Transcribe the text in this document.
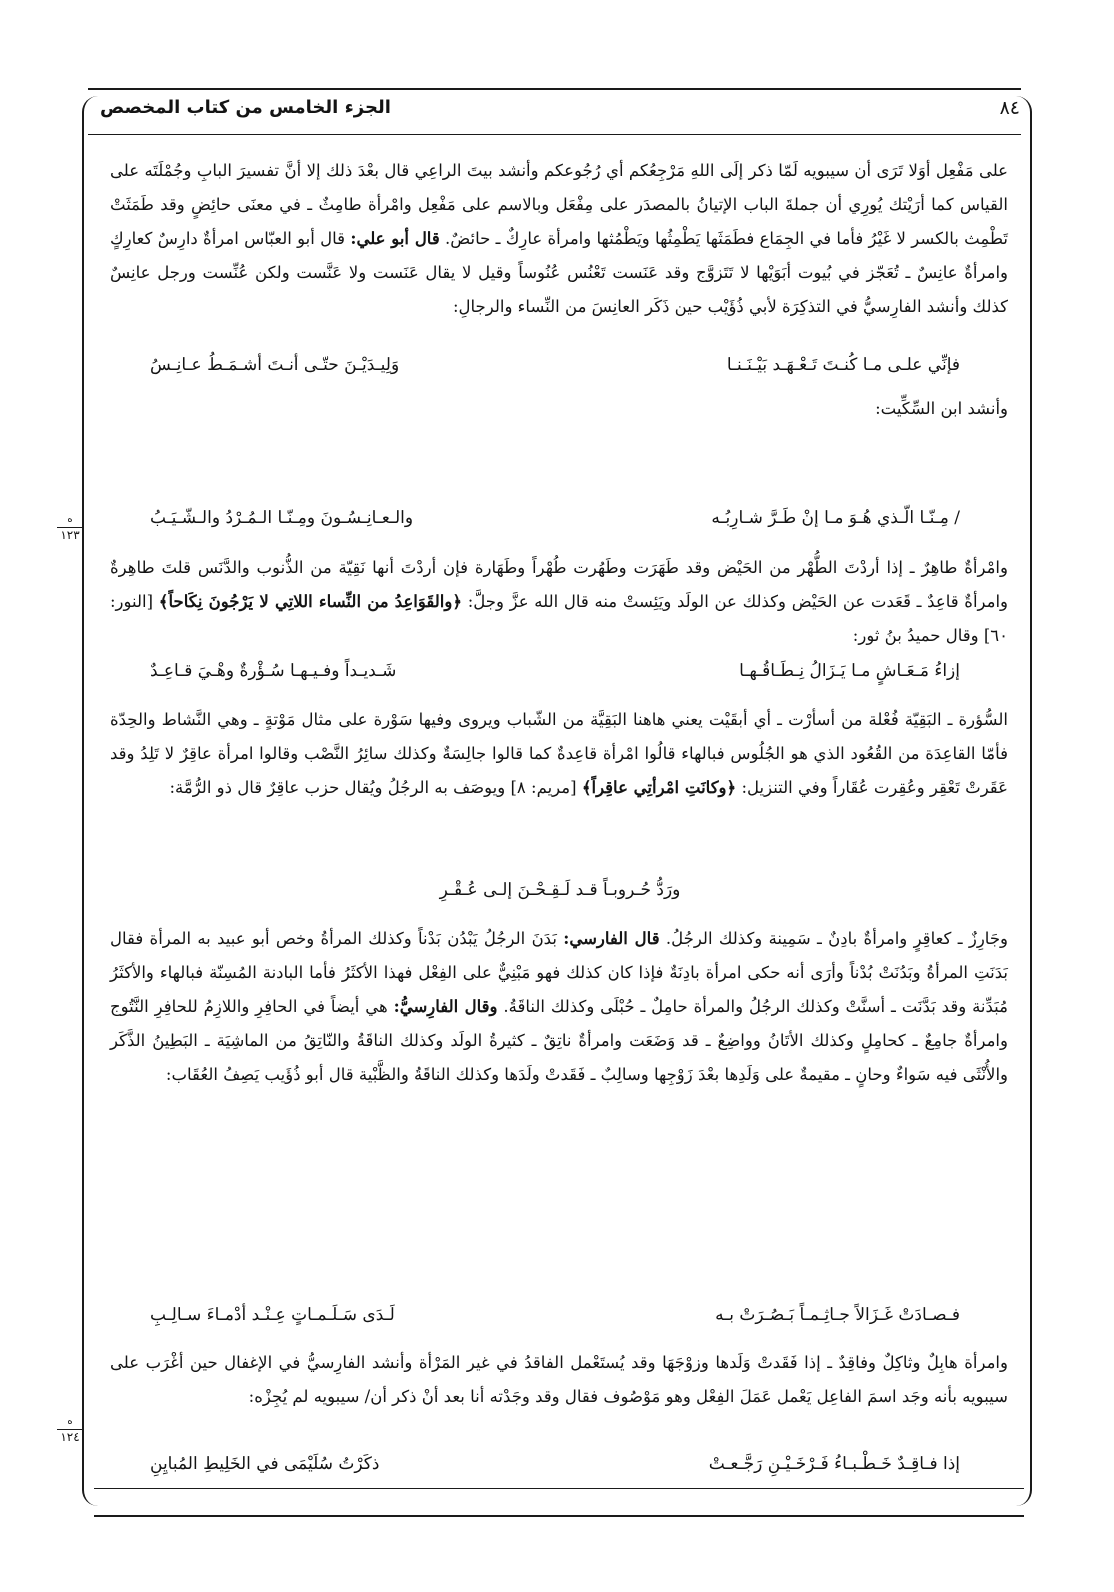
٨٤
الجزء الخامس من كتاب المخصص
على مَفْعِل أوَلا تَرَى أن سيبويه لَمّا ذكر إلَى اللهِ مَرْجِعُكم أي رُجُوعكم وأنشد بيتَ الراعِي قال بعْدَ ذلك إلا أنَّ تفسيرَ البابِ وجُمْلَتَه على القياس كما أرَيْتك يُورِي أن جملةَ الباب الإتيانُ بالمصدَر على مِفْعَل وبالاسم على مَفْعِل وامْرأة طامِثٌ ـ في معنَى حائِضٍ وقد طَمَثَتْ تَطْمِث بالكسر لا غَيْرُ فأما في الجِمَاع فطَمَثَها يَطْمِثُها ويَطْمُثها وامرأة عارِكٌ ـ حائضٌ. قال أبو علي: قال أبو العبّاس امرأةٌ دارِسٌ كعارِكٍ وامرأةٌ عانِسٌ ـ تُعَجّز في بُيوت أبَوَيْها لا تَتَزوَّج وقد عَنَست تَعْنُس عُنُوساً وقيل لا يقال عَنَست ولا عَنَّست ولكن عُنِّست ورجل عانِسٌ كذلك وأنشد الفارِسيُّ في التذكِرَة لأبي ذُؤَيْب حين ذَكَر العانِسَ من النِّساء والرجالِ:
فإنِّي علـى مـا كُنـتَ تَـعْـهَـد بَيْـنَـنـا
وَلِيـدَيْـنَ حتّـى أنـتَ أشـمَـطُ عـانِـسُ
وأنشد ابن السِّكِّيت:
ه
١٢٣
/ مِـنّـا الّـذي هُـوَ مـا إنْ طَـرَّ شـارِبُـه
والـعـانِـسُـونَ ومِـنّـا الـمُـرْدُ والـشّـيَـبُ
وامْرأةٌ طاهِرٌ ـ إذا أردْتَ الطُّهْر من الحَيْض وقد طَهَرَت وطَهُرت طُهْراً وطَهَارة فإن أردْتَ أنها نَقِيّة من الذُّنوب والدَّنَس قلتَ طاهِرةٌ وامرأةٌ قاعِدٌ ـ قَعَدت عن الحَيْض وكذلك عن الولَد ويَئِستْ منه قال الله عزَّ وجلَّ: ﴿والقَوَاعِدُ من النِّساء اللاتِي لا يَرْجُونَ نِكَاحاً﴾ [النور: ٦٠] وقال حميدُ بنُ ثور:
إزاءُ مَـعَـاشٍ مـا يَـزَالُ نِـطَـاقُـهـا
شَـديـداً وفـيـهـا سُـؤْرةٌ وهْـيَ قـاعِـدٌ
السُّؤرة ـ البَقِيّة فُعْلة من أسأرْت ـ أي أبقَيْت يعني هاهنا البَقِيَّة من الشّباب ويروى وفيها سَوْرة على مثال مَوْتةٍ ـ وهي النَّشاط والحِدّة فأمّا القاعِدَة من القُعُود الذي هو الجُلُوس فبالهاء قالُوا امْرأة قاعِدةٌ كما قالوا جالِسَةٌ وكذلك سائِرُ النَّصْب وقالوا امرأة عاقِرٌ لا تَلِدُ وقد عَقَرتْ تَعْقِر وعُقِرت عُقَاراً وفي التنزيل: ﴿وكانَتِ امْرأتِي عاقِراً﴾ [مريم: ٨] ويوصَف به الرجُلُ ويُقال حزب عاقِرٌ قال ذو الرُّمَّة:
ورَدُّ حُـروبـاً قـد لَـقِـحْـنَ إلـى عُـقْـرِ
وجَارِزٌ ـ كعاقِرٍ وامرأةٌ بادِنٌ ـ سَمِينة وكذلك الرجُلُ. قال الفارسي: بَدَنَ الرجُلُ يَبْدُن بَدْناً وكذلك المرأةُ وخص أبو عبيد به المرأة فقال بَدَنَتِ المرأةُ وبَدُنَتْ بُدْناً وأرَى أنه حكى امرأة بادِنَةٌ فإذا كان كذلك فهو مَبْنِيٌّ على الفِعْل فهذا الأكثَرُ فأما البادنة المُسِنّة فبالهاء والأكثَرُ مُبَدِّنة وقد بَدَّنَت ـ أسنَّتْ وكذلك الرجُلُ والمرأة حامِلٌ ـ حُبْلَى وكذلك الناقَةُ. وقال الفارِسيُّ: هي أيضاً في الحافِرِ واللازِمُ للحافِرِ النَّتُوج وامرأةٌ جامِعٌ ـ كحامِلٍ وكذلك الأتَانُ وواضِعٌ ـ قد وَضَعَت وامرأةٌ ناتِقٌ ـ كثيرةُ الولَد وكذلك الناقَةُ والنّاتِقُ من الماشِيَة ـ البَطِينُ الذَّكَر والأُنْثَى فيه سَواءٌ وحانٍ ـ مقيمةٌ على وَلَدِها بعْدَ زَوْجِها وسالِبٌ ـ فَقَدتْ ولَدَها وكذلك الناقَةُ والظَّبْية قال أبو ذُؤَيب يَصِفُ العُقَاب:
فـصـادَتْ غَـزَالاً جـاثِـمـاً بَـصُـرَتْ بـه
لَـدَى سَـلَـمـاتٍ عِـنْـد أدْمـاءَ سـالِـبِ
وامرأة هابِلٌ وثاكِلٌ وفاقِدٌ ـ إذا فَقَدتْ وَلَدها وزوْجَهَا وقد يُستَعْمل الفاقدُ في غير المَرْأة وأنشد الفارِسيُّ في الإغفال حين أغْرَب على سيبويه بأنه وجَد اسمَ الفاعِل يَعْمل عَمَلَ الفِعْل وهو مَوْصُوف فقال وقد وجَدْته أنا بعد أنْ ذكر أن/ سيبويه لم يُجِزْه:
ه
١٢٤
إذا فـاقِـدٌ خَـطْـبـاءُ فَـرْخَـيْـنِ رَجَّـعـتْ
ذكَرْتُ سُلَيْمَى في الخَلِيطِ المُبايِنِ
